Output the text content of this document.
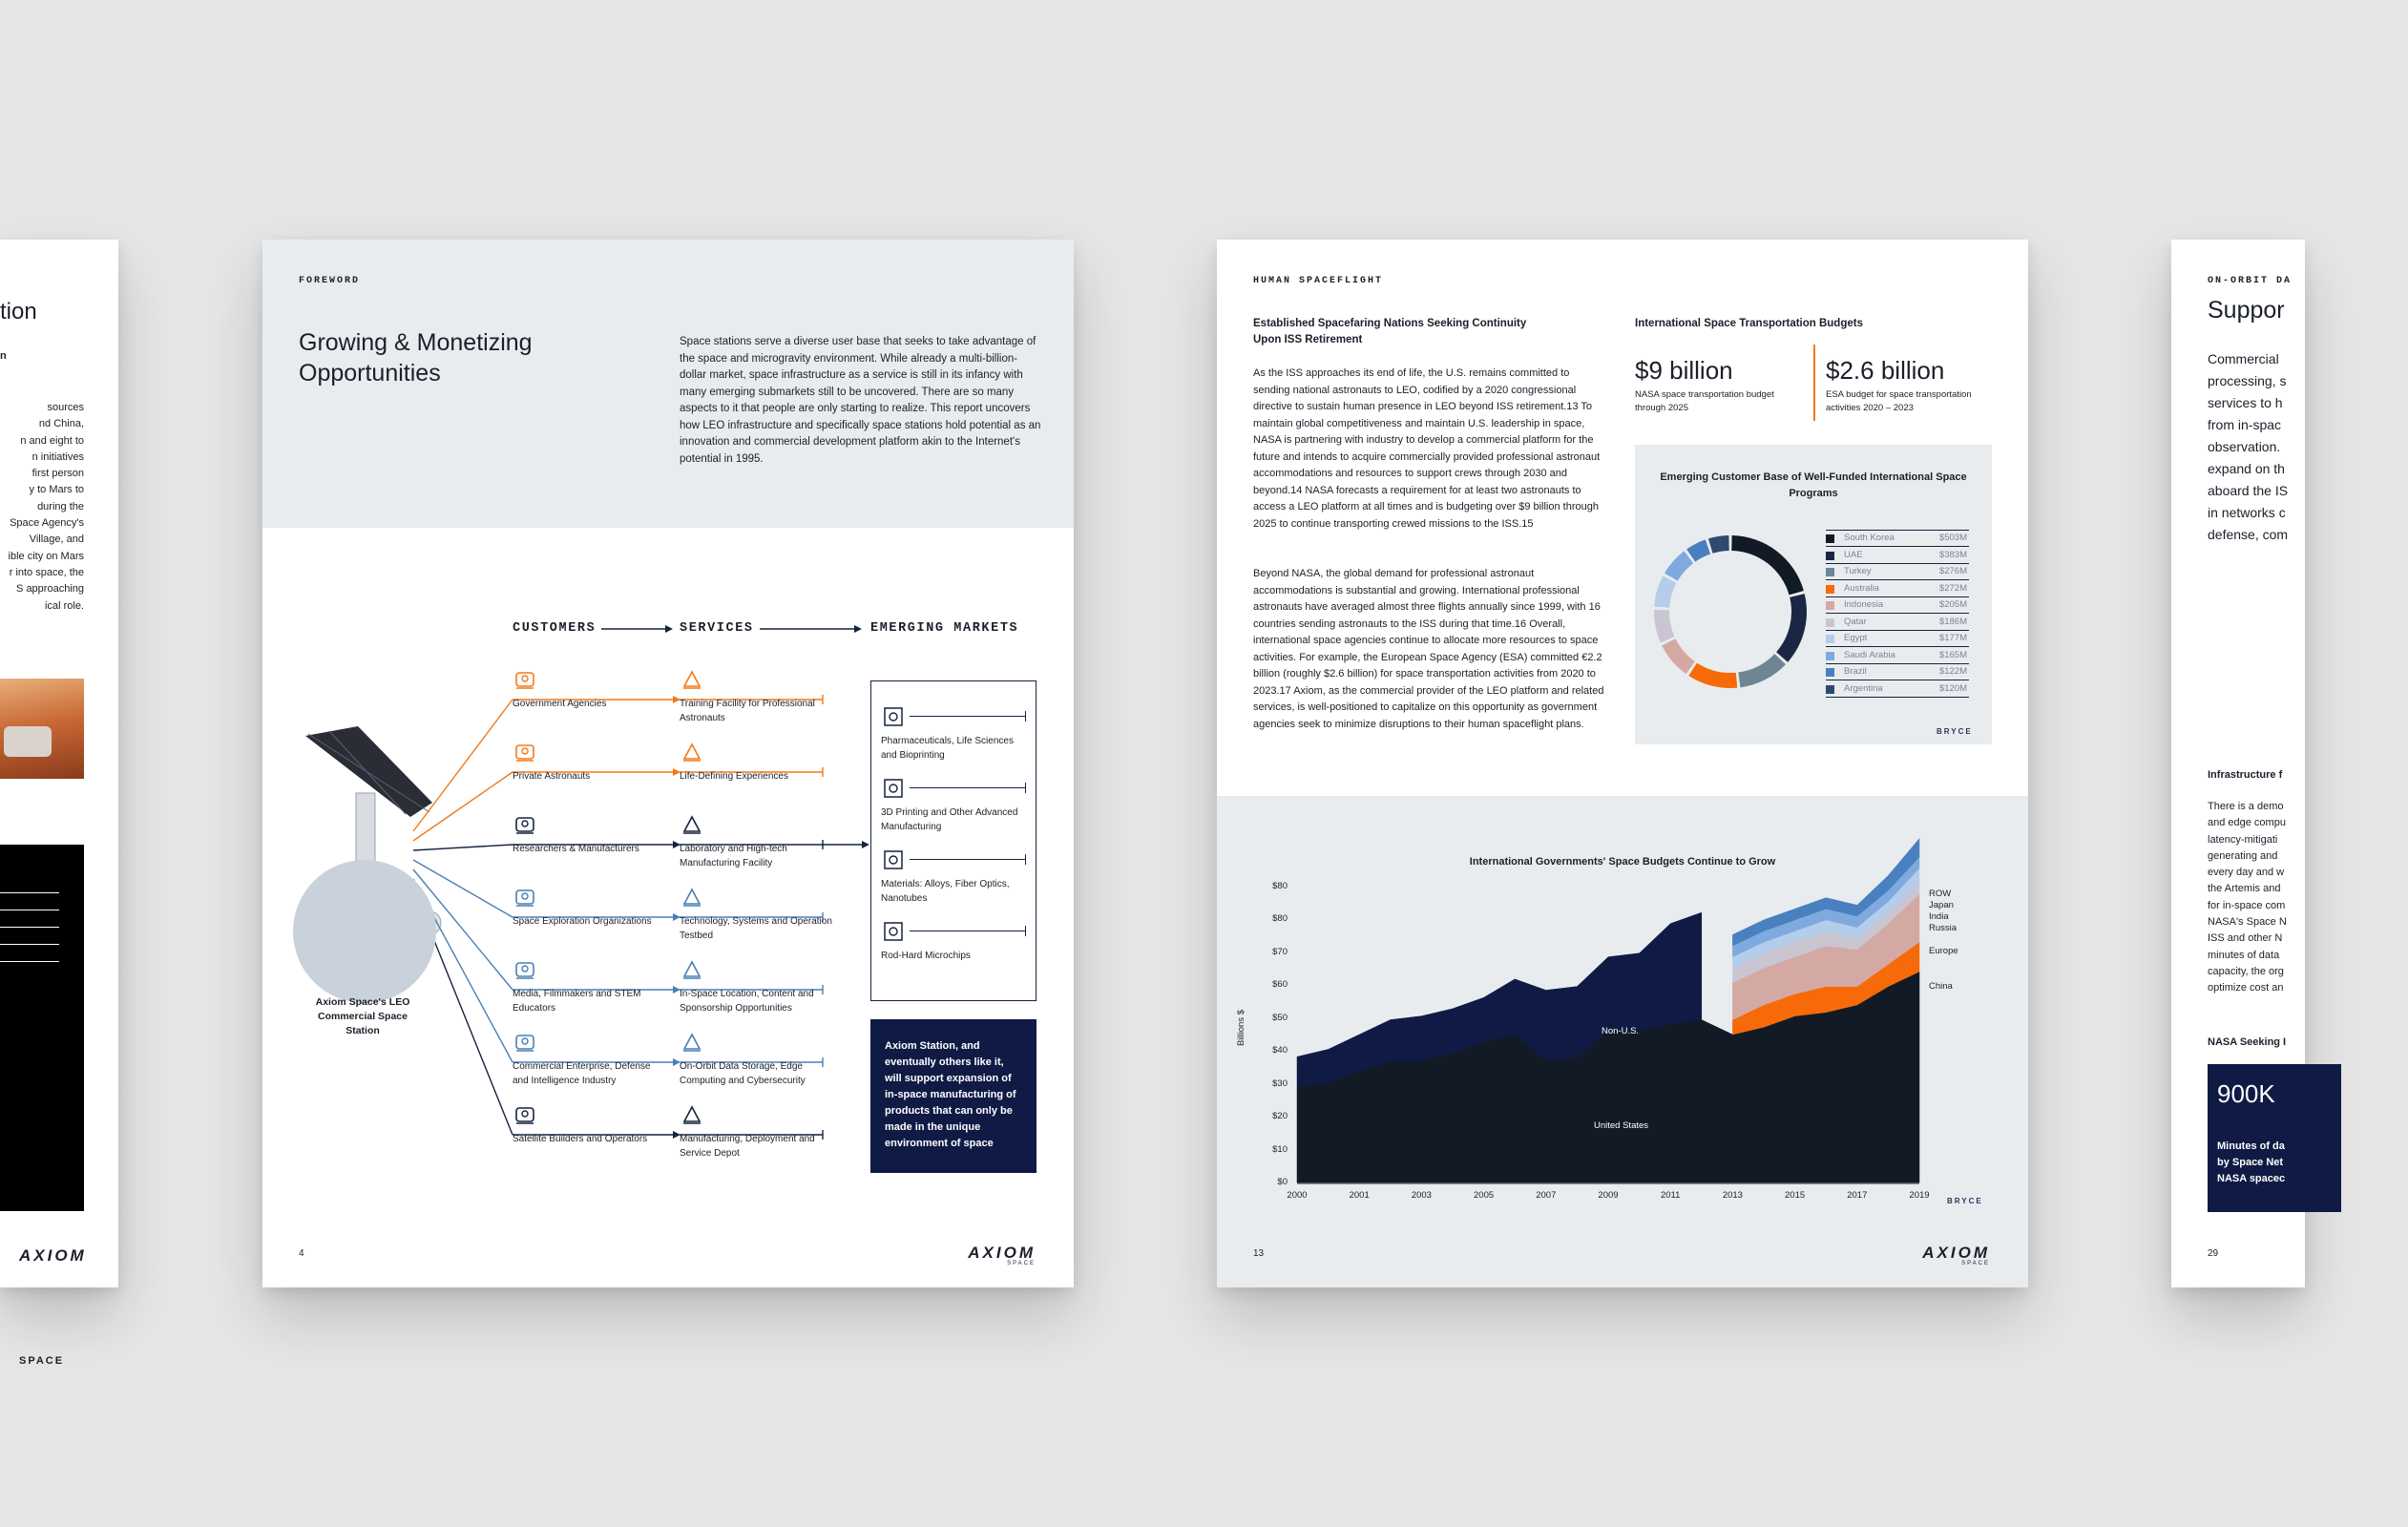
tion
n
sources
nd China,
n and eight to
n initiatives
first person
y to Mars to
during the
Space Agency's
Village, and
ible city on Mars
r into space, the
S approaching
ical role.
AXIOM
SPACE
FOREWORD
Growing & Monetizing Opportunities
Space stations serve a diverse user base that seeks to take advantage of the space and microgravity environment. While already a multi-billion-dollar market, space infrastructure as a service is still in its infancy with many emerging submarkets still to be uncovered. There are so many aspects to it that people are only starting to realize. This report uncovers how LEO infrastructure and specifically space stations hold potential as an innovation and commercial development platform akin to the Internet's potential in 1995.
CUSTOMERS	SERVICES	EMERGING MARKETS
Axiom Space's LEO Commercial Space Station
Government Agencies
Private Astronauts
Researchers & Manufacturers
Space Exploration Organizations
Media, Filmmakers and STEM Educators
Commercial Enterprise, Defense and Intelligence Industry
Satellite Builders and Operators
Training Facility for Professional Astronauts
Life-Defining Experiences
Laboratory and High-tech Manufacturing Facility
Technology, Systems and Operation Testbed
In-Space Location, Content and Sponsorship Opportunities
On-Orbit Data Storage, Edge Computing and Cybersecurity
Manufacturing, Deployment and Service Depot
Pharmaceuticals, Life Sciences and Bioprinting
3D Printing and Other Advanced Manufacturing
Materials: Alloys, Fiber Optics, Nanotubes
Rod-Hard Microchips
Axiom Station, and eventually others like it, will support expansion of in-space manufacturing of products that can only be made in the unique environment of space
4	AXIOM
SPACE
HUMAN SPACEFLIGHT
Established Spacefaring Nations Seeking Continuity Upon ISS Retirement
As the ISS approaches its end of life, the U.S. remains committed to sending national astronauts to LEO, codified by a 2020 congressional directive to sustain human presence in LEO beyond ISS retirement.13 To maintain global competitiveness and maintain U.S. leadership in space, NASA is partnering with industry to develop a commercial platform for the future and intends to acquire commercially provided professional astronaut accommodations and resources to support crews through 2030 and beyond.14 NASA forecasts a requirement for at least two astronauts to access a LEO platform at all times and is budgeting over $9 billion through 2025 to continue transporting crewed missions to the ISS.15
Beyond NASA, the global demand for professional astronaut accommodations is substantial and growing. International professional astronauts have averaged almost three flights annually since 1999, with 16 countries sending astronauts to the ISS during that time.16 Overall, international space agencies continue to allocate more resources to space activities. For example, the European Space Agency (ESA) committed €2.2 billion (roughly $2.6 billion) for space transportation activities from 2020 to 2023.17 Axiom, as the commercial provider of the LEO platform and related services, is well-positioned to capitalize on this opportunity as government agencies seek to minimize disruptions to their human spaceflight plans.
International Space Transportation Budgets
$9 billion
NASA space transportation budget through 2025
$2.6 billion
ESA budget for space transportation activities 2020 – 2023
Emerging Customer Base of Well-Funded International Space Programs
South Korea	$503M
UAE	$383M
Turkey	$276M
Australia	$272M
Indonesia	$205M
Qatar	$186M
Egypt	$177M
Saudi Arabia	$165M
Brazil	$122M
Argentina	$120M
BRYCE
International Governments' Space Budgets Continue to Grow
$0
$10
$20
$30
$40
$50
$60
$70
$80
$80
2000	2001	2003	2005	2007	2009	2011	2013	2015	2017	2019
Billions $
ROW
Japan
India
Russia
Europe
China
Non-U.S.
United States
BRYCE
13	AXIOM
SPACE
ON-ORBIT DA
Suppor
Commercial
processing, s
services to h
from in-spac
observation.
expand on th
aboard the IS
in networks c
defense, com
Infrastructure f
There is a demo
and edge compu
latency-mitigati
generating and
every day and w
the Artemis and
for in-space com
NASA's Space N
ISS and other N
minutes of data
capacity, the org
optimize cost an
NASA Seeking I
900K
Minutes of da
by Space Net
NASA spacec
29
